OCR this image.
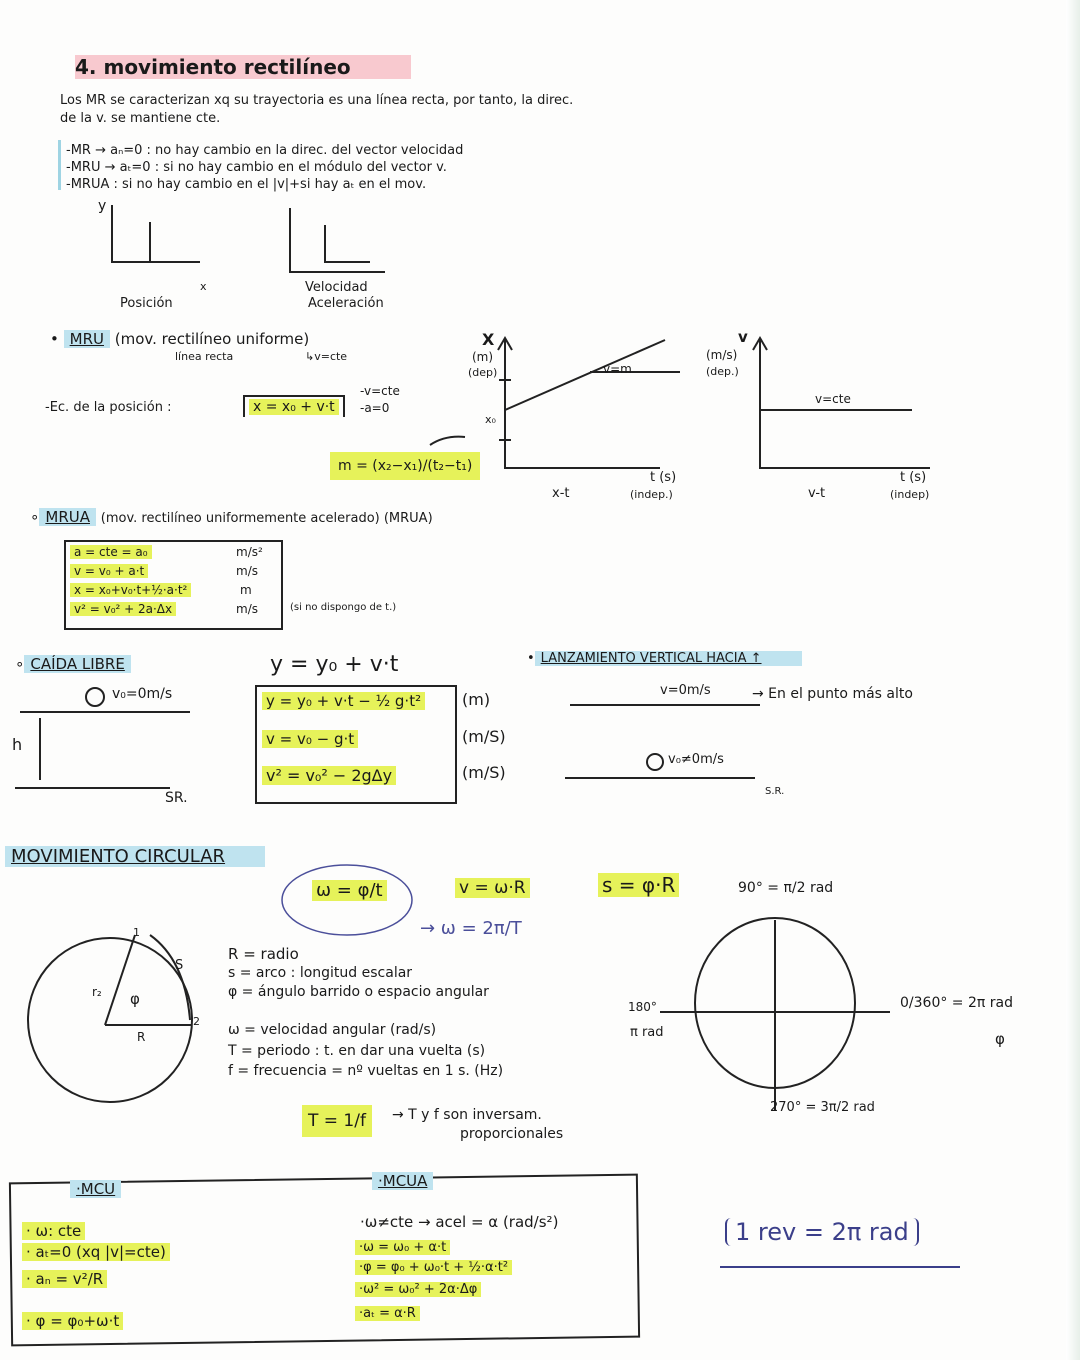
4. movimiento rectilíneo
Los MR se caracterizan xq su trayectoria es una línea recta, por tanto, la direc.
de la v. se mantiene cte.
-MR → aₙ=0 : no hay cambio en la direc. del vector velocidad
-MRU → aₜ=0 : si no hay cambio en el módulo del vector v.
-MRUA : si no hay cambio en el |v|+si hay aₜ en el mov.
y
x
Posición
Velocidad
Aceleración
• MRU (mov. rectilíneo uniforme)
línea recta	↳v=cte
-Ec. de la posición :	x = x₀ + v·t
-v=cte
-a=0
m = (x₂−x₁)/(t₂−t₁)
X
(m)
(dep)
x₀
v=m
t (s)
(indep.)
x-t
v
(m/s)
(dep.)
v=cte
t (s)
(indep)
v-t
∘ MRUA (mov. rectilíneo uniformemente acelerado) (MRUA)
a = cte = a₀	m/s²
v = v₀ + a·t	m/s
x = x₀+v₀·t+½·a·t²	m
v² = v₀² + 2a·Δx	m/s	(si no dispongo de t.)
∘ CAÍDA LIBRE
v₀=0m/s
h
SR.
y = y₀ + v·t
y = y₀ + v·t − ½ g·t²	(m)
v = v₀ − g·t	(m/S)
v² = v₀² − 2gΔy	(m/S)
• LANZAMIENTO VERTICAL HACIA ↑
v=0m/s	→ En el punto más alto
v₀≠0m/s
S.R.
MOVIMIENTO CIRCULAR
ω = φ/t
→ ω = 2π/T
v = ω·R	s = φ·R
r₂ φ
R
S
1
2
R = radio
s = arco : longitud escalar
φ = ángulo barrido o espacio angular
ω = velocidad angular (rad/s)
T = periodo : t. en dar una vuelta (s)
f = frecuencia = nº vueltas en 1 s. (Hz)
T = 1/f	→ T y f son inversam.
proporcionales
90° = π/2 rad
180°
π rad
0/360° = 2π rad
φ
270° = 3π/2 rad
·MCU
· ω: cte
· aₜ=0 (xq |v|=cte)
· aₙ = v²/R
· φ = φ₀+ω·t
·MCUA
·ω≠cte → acel = α (rad/s²)
·ω = ω₀ + α·t
·φ = φ₀ + ω₀·t + ½·α·t²
·ω² = ω₀² + 2α·Δφ
·aₜ = α·R
1 rev = 2π rad
